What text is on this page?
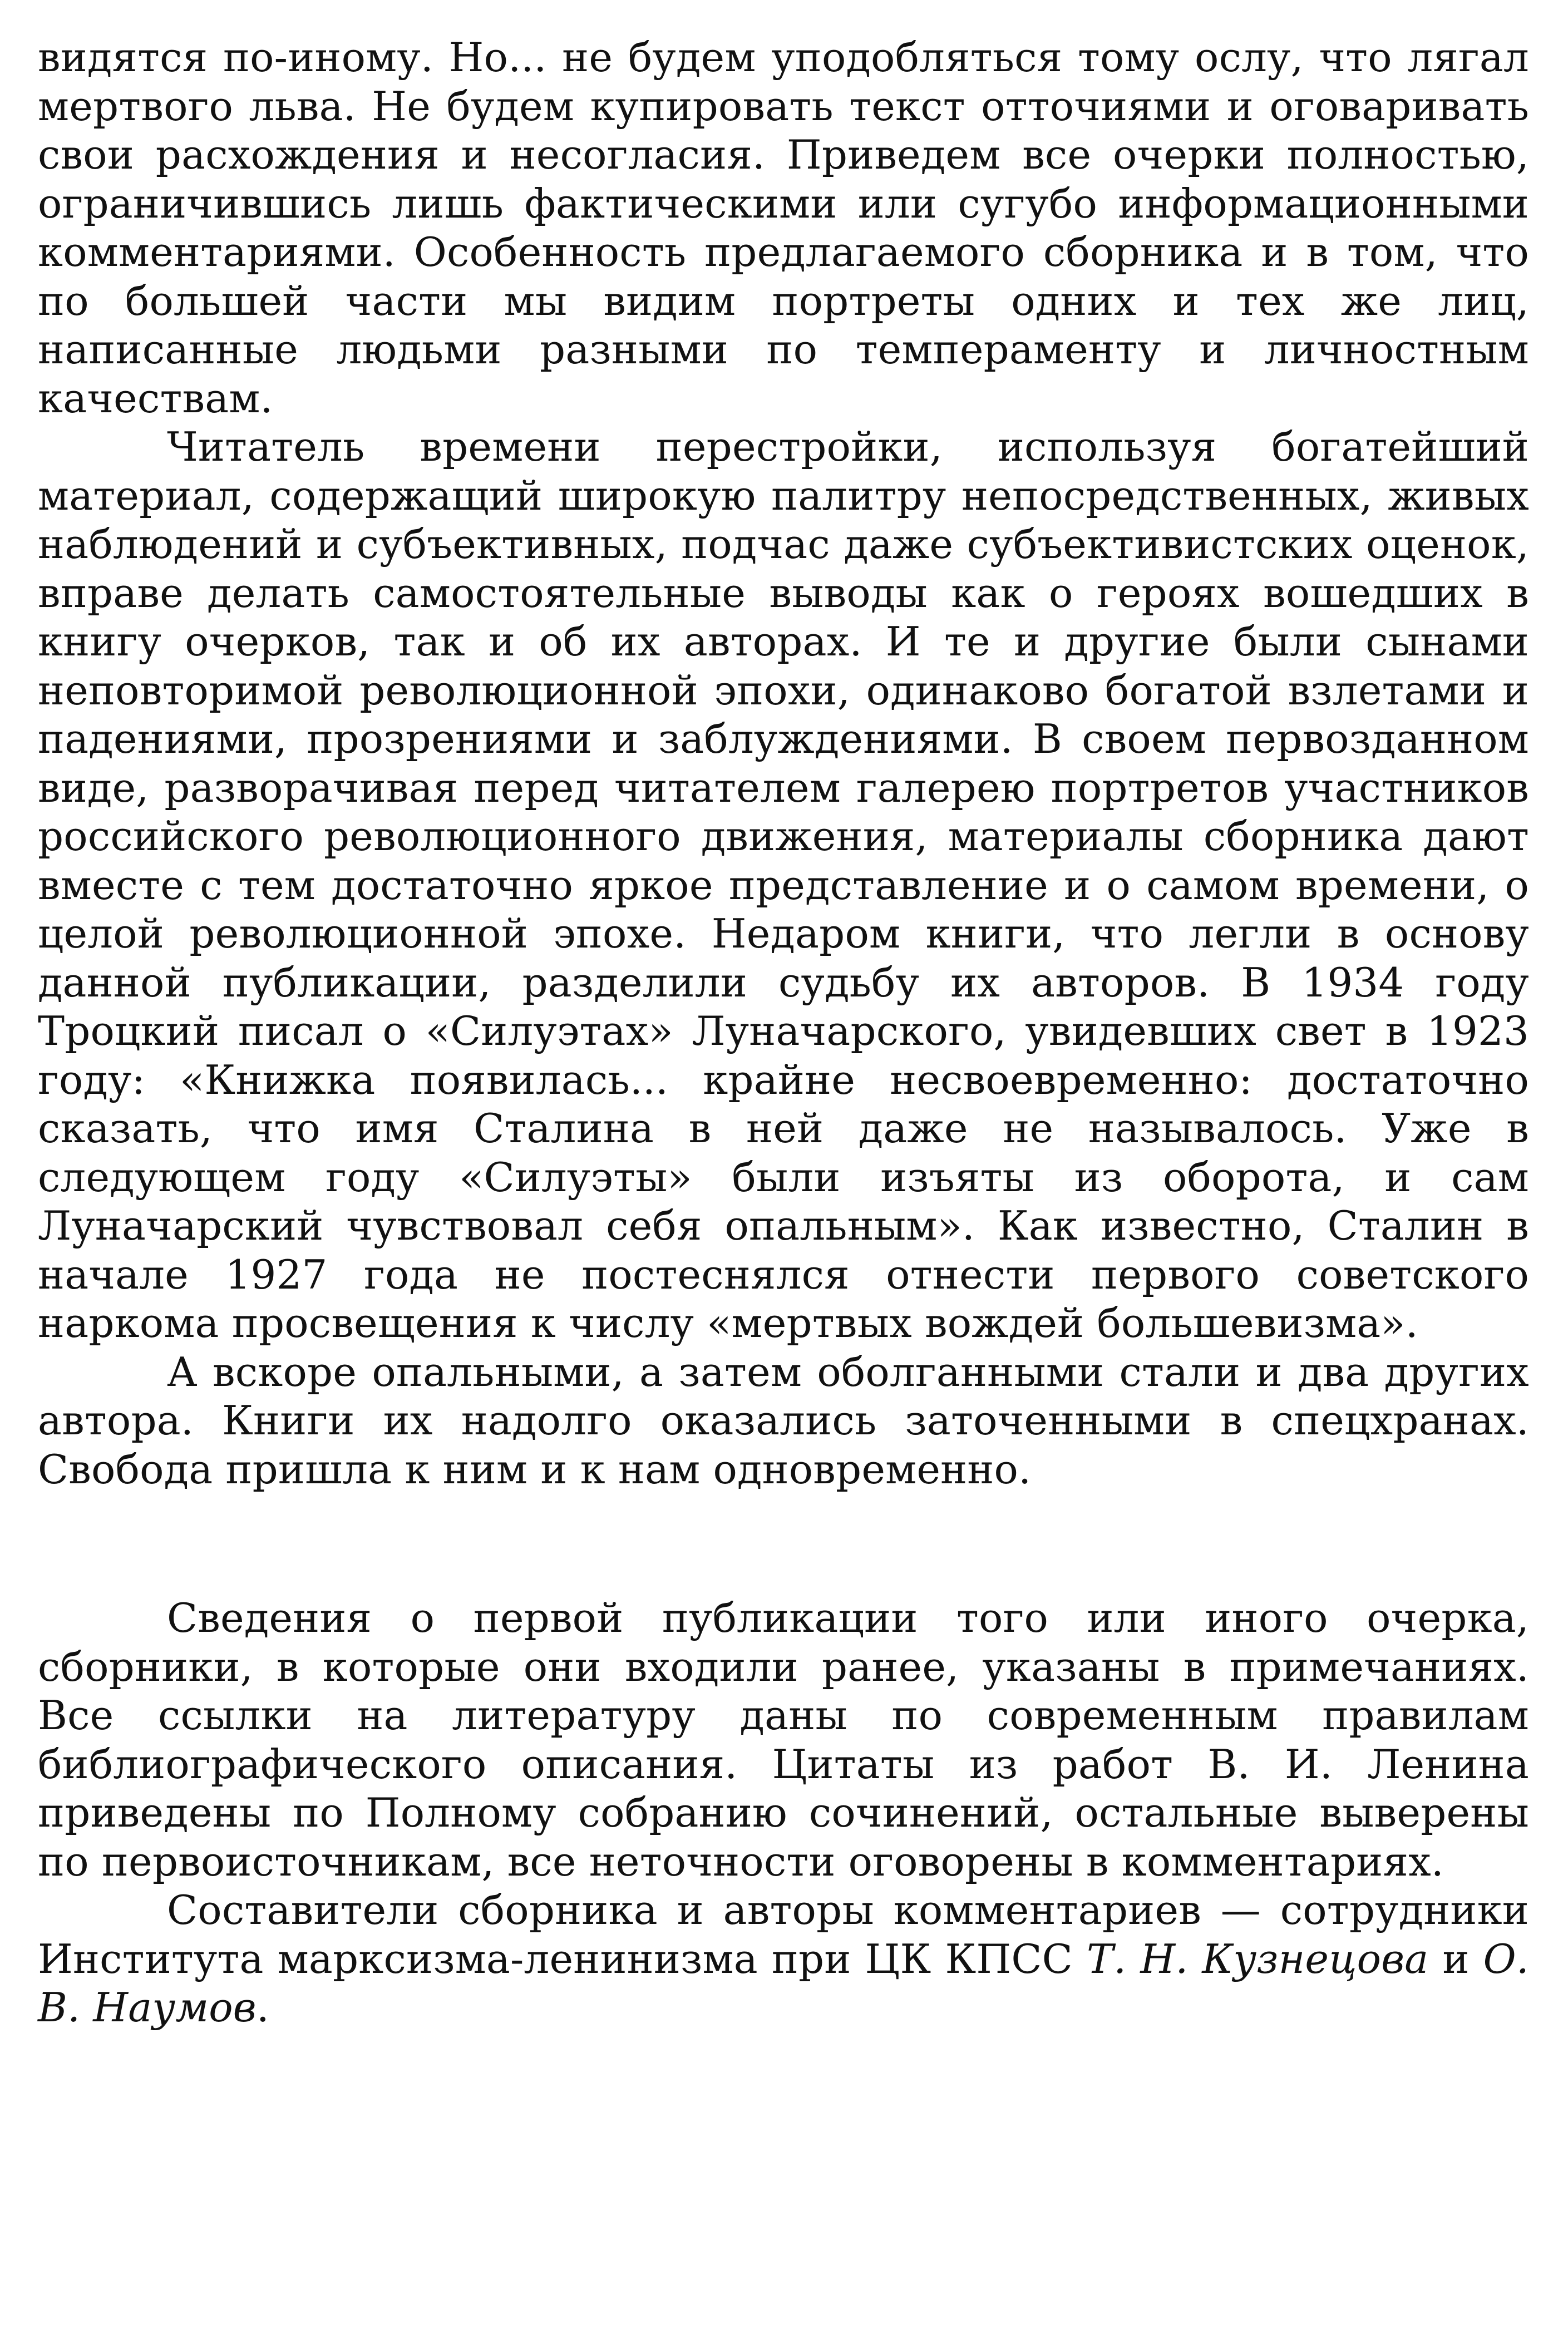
видятся по-иному. Но... не будем уподобляться тому ослу, что лягал мертвого льва. Не будем купировать текст отточиями и оговаривать свои расхождения и несогласия. Приведем все очерки полностью, ограничившись лишь фактическими или сугубо информационными комментариями. Особенность предлагаемого сборника и в том, что по большей части мы видим портреты одних и тех же лиц, написанные людьми разными по темпераменту и личностным качествам.

Читатель времени перестройки, используя богатейший материал, содержащий широкую палитру непосредственных, живых наблюдений и субъективных, подчас даже субъективистских оценок, вправе делать самостоятельные выводы как о героях вошедших в книгу очерков, так и об их авторах. И те и другие были сынами неповторимой революционной эпохи, одинаково богатой взлетами и падениями, прозрениями и заблуждениями. В своем первозданном виде, разворачивая перед читателем галерею портретов участников российского революционного движения, материалы сборника дают вместе с тем достаточно яркое представление и о самом времени, о целой революционной эпохе. Недаром книги, что легли в основу данной публикации, разделили судьбу их авторов. В 1934 году Троцкий писал о «Силуэтах» Луначарского, увидевших свет в 1923 году: «Книжка появилась... крайне несвоевременно: достаточно сказать, что имя Сталина в ней даже не называлось. Уже в следующем году «Силуэты» были изъяты из оборота, и сам Луначарский чувствовал себя опальным». Как известно, Сталин в начале 1927 года не постеснялся отнести первого советского наркома просвещения к числу «мертвых вождей большевизма».

А вскоре опальными, а затем оболганными стали и два других автора. Книги их надолго оказались заточенными в спецхранах. Свобода пришла к ним и к нам одновременно.

Сведения о первой публикации того или иного очерка, сборники, в которые они входили ранее, указаны в примечаниях. Все ссылки на литературу даны по современным правилам библиографического описания. Цитаты из работ В. И. Ленина приведены по Полному собранию сочинений, остальные выверены по первоисточникам, все неточности оговорены в комментариях.

Составители сборника и авторы комментариев — сотрудники Института марксизма-ленинизма при ЦК КПСС Т. Н. Кузнецова и О. В. Наумов.
